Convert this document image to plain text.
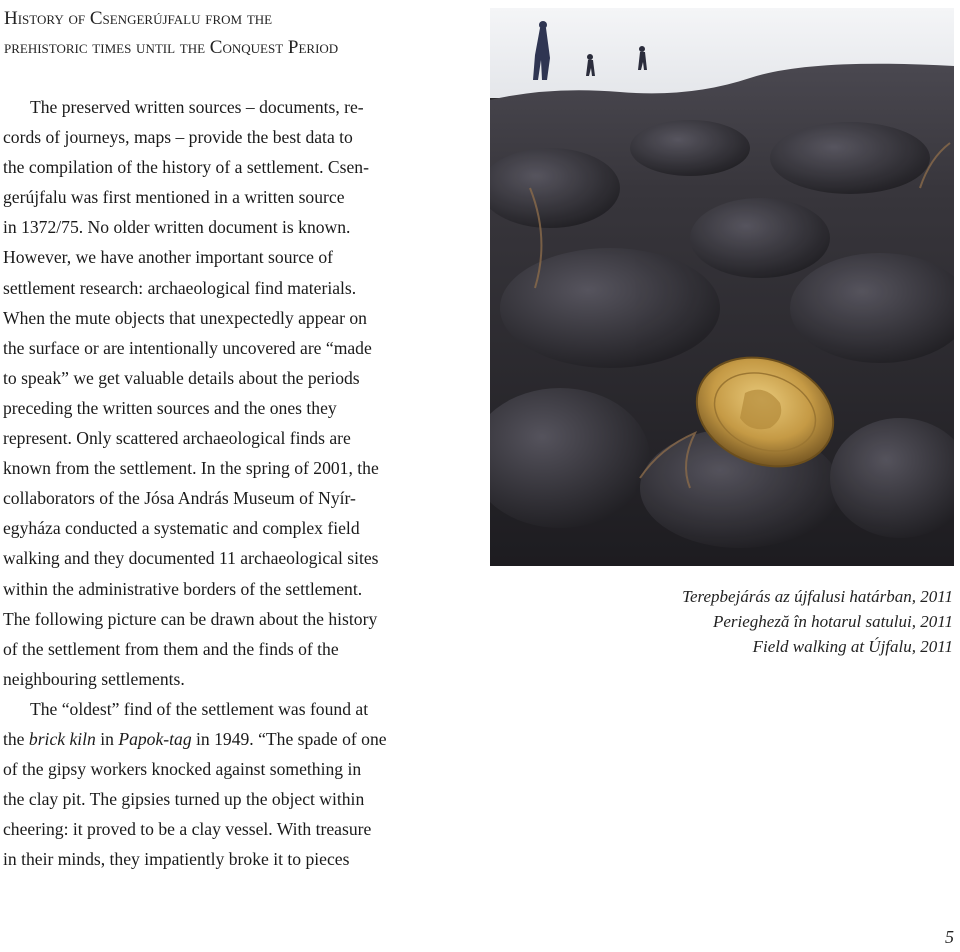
History of Csengerújfalu from the
prehistoric times until the Conquest Period
The preserved written sources – documents, re-
cords of journeys, maps – provide the best data to
the compilation of the history of a settlement. Csen-
gerújfalu was first mentioned in a written source
in 1372/75. No older written document is known.
However, we have another important source of
settlement research: archaeological find materials.
When the mute objects that unexpectedly appear on
the surface or are intentionally uncovered are “made
to speak” we get valuable details about the periods
preceding the written sources and the ones they
represent. Only scattered archaeological finds are
known from the settlement. In the spring of 2001, the
collaborators of the Jósa András Museum of Nyír-
egyháza conducted a systematic and complex field
walking and they documented 11 archaeological sites
within the administrative borders of the settlement.
The following picture can be drawn about the history
of the settlement from them and the finds of the
neighbouring settlements.
The “oldest” find of the settlement was found at
the brick kiln in Papok-tag in 1949. “The spade of one
of the gipsy workers knocked against something in
the clay pit. The gipsies turned up the object within
cheering: it proved to be a clay vessel. With treasure
in their minds, they impatiently broke it to pieces
Terepbejárás az újfalusi határban, 2011
Periegheză în hotarul satului, 2011
Field walking at Újfalu, 2011
5
